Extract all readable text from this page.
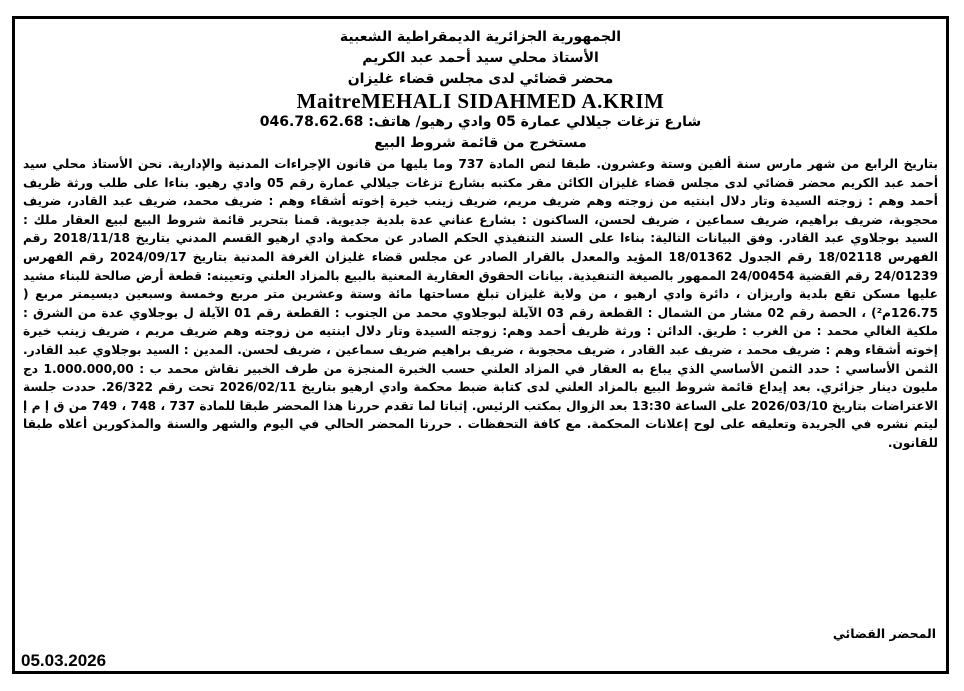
الجمهورية الجزائرية الديمقراطية الشعبية

الأستاذ محلي سيد أحمد عبد الكريم

محضر قضائي لدى مجلس قضاء غليزان

MaitreMEHALI SIDAHMED A.KRIM

شارع تزغات جيلالي عمارة 05 وادي رهيو/ هاتف: 046.78.62.68

مستخرج من قائمة شروط البيع

بتاريخ الرابع من شهر مارس سنة ألفين وستة وعشرون. طبقا لنص المادة 737 وما يليها من قانون الإجراءات المدنية والإدارية. نحن الأستاذ محلي سيد أحمد عبد الكريم محضر قضائي لدى مجلس قضاء غليزان الكائن مقر مكتبه بشارع تزغات جيلالي عمارة رقم 05 وادي رهيو. بناءا على طلب ورثة ظريف أحمد وهم : زوجته السيدة وتار دلال ابنتيه من زوجته وهم ضريف مريم، ضريف زينب خيرة إخوته أشقاء وهم : ضريف محمد، ضريف عبد القادر، ضريف محجوبة، ضريف براهيم، ضريف سماعين ، ضريف لحسن، الساكنون : بشارع عناني عدة بلدية جديوية. قمنا بتحرير قائمة شروط البيع لبيع العقار ملك : السيد بوجلاوي عبد القادر. وفق البيانات التالية: بناءا على السند التنفيذي الحكم الصادر عن محكمة وادي ارهيو القسم المدني بتاريخ 2018/11/18 رقم الفهرس 18/02118 رقم الجدول 18/01362 المؤيد والمعدل بالقرار الصادر عن مجلس قضاء غليزان الغرفة المدنية بتاريخ 2024/09/17 رقم الفهرس 24/01239 رقم القضية 24/00454 الممهور بالصيغة التنفيذية. بيانات الحقوق العقارية المعنية بالبيع بالمزاد العلني وتعيينه: قطعة أرض صالحة للبناء مشيد عليها مسكن تقع بلدية واريزان ، دائرة وادي ارهيو ، من ولاية غليزان تبلغ مساحتها مائة وستة وعشرين متر مربع وخمسة وسبعين ديسيمتر مربع ( 126.75م²) ، الحصة رقم 02 مشار من الشمال : القطعة رقم 03 الآيلة لبوجلاوي محمد من الجنوب : القطعة رقم 01 الآيلة ل بوجلاوي عدة من الشرق : ملكية الغالي محمد : من الغرب : طريق. الدائن : ورثة ظريف أحمد وهم: زوجته السيدة وتار دلال ابنتيه من زوجته وهم ضريف مريم ، ضريف زينب خيرة إخوته أشقاء وهم : ضريف محمد ، ضريف عبد القادر ، ضريف محجوبة ، ضريف براهيم ضريف سماعين ، ضريف لحسن. المدين : السيد بوجلاوي عبد القادر. الثمن الأساسي : حدد الثمن الأساسي الذي يباع به العقار في المزاد العلني حسب الخبرة المنجزة من طرف الخبير نقاش محمد ب : 1.000.000,00 دج مليون دينار جزائري. بعد إيداع قائمة شروط البيع بالمزاد العلني لدى كتابة ضبط محكمة وادي ارهيو بتاريخ 2026/02/11 تحت رقم 26/322. حددت جلسة الاعتراضات بتاريخ 2026/03/10 على الساعة 13:30 بعد الزوال بمكتب الرئيس. إثباتا لما تقدم حررنا هذا المحضر طبقا للمادة 737 ، 748 ، 749 من ق إ م إ ليتم نشره في الجريدة وتعليقه على لوح إعلانات المحكمة. مع كافة التحفظات . حررنا المحضر الحالي في اليوم والشهر والسنة والمذكورين أعلاه طبقا للقانون.

المحضر القضائي
05.03.2026
